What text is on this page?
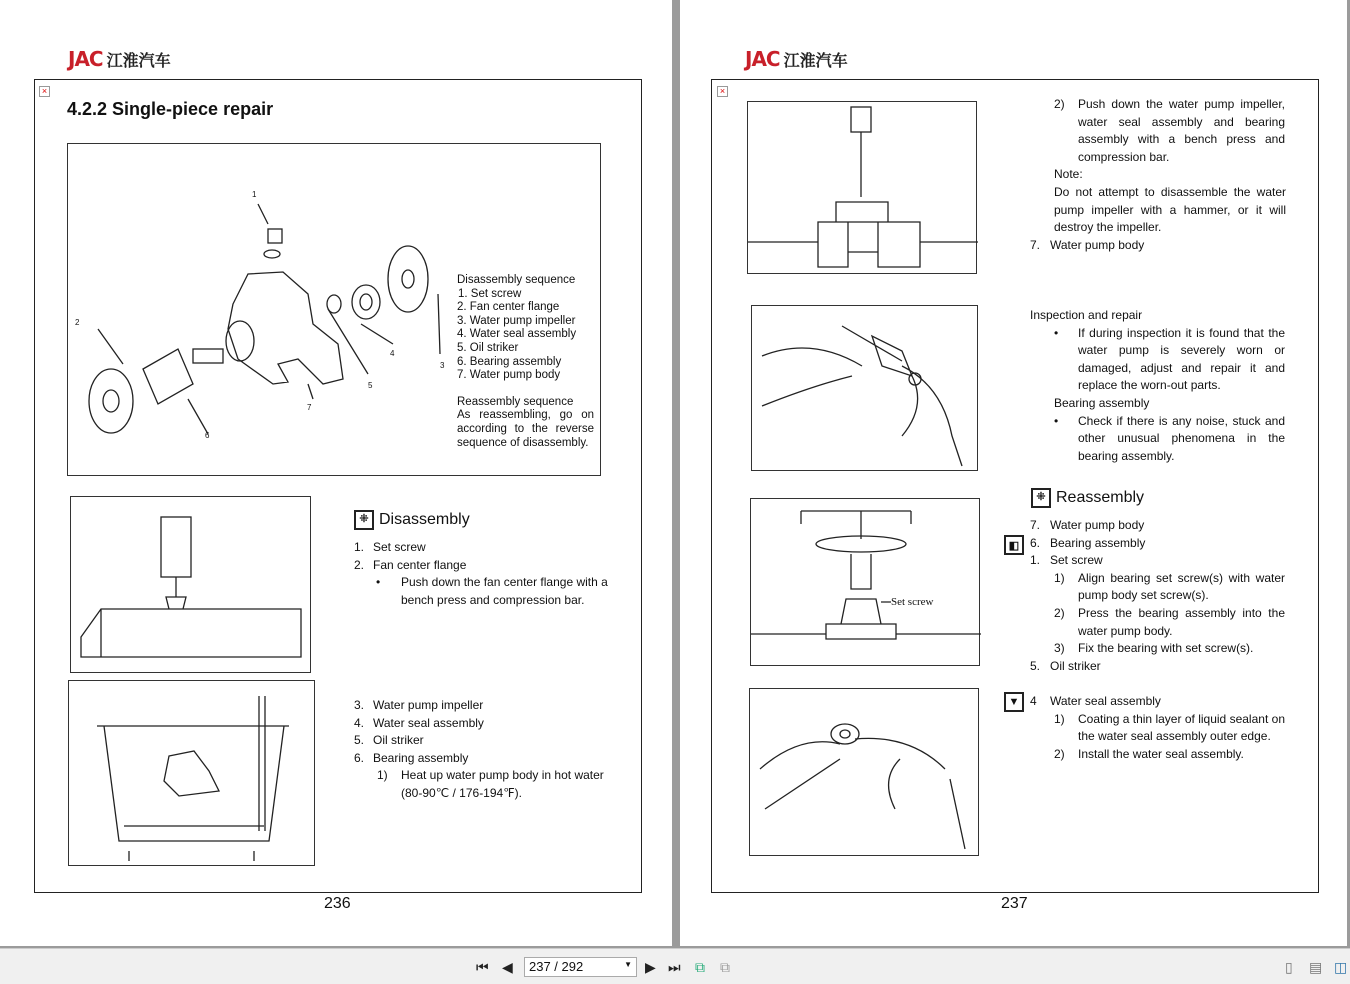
JAC 江淮汽车
×
4.2.2 Single-piece repair
1
2
3
4
5
6
7
Disassembly sequence
1. Set screw
2. Fan center flange
3. Water pump impeller
4. Water seal assembly
5. Oil striker
6. Bearing assembly
7. Water pump body
Reassembly sequence
As reassembling, go on according to the reverse sequence of disassembly.
⁜ Disassembly
1. Set screw
2. Fan center flange
•	Push down the fan center flange with a bench press and compression bar.
3. Water pump impeller
4. Water seal assembly
5. Oil striker
6. Bearing assembly
1)	Heat up water pump body in hot water (80-90℃ / 176-194℉).
236
JAC 江淮汽车
×
Set screw
2)	Push down the water pump impeller, water seal assembly and bearing assembly with a bench press and compression bar.
Note:
Do not attempt to disassemble the water pump impeller with a hammer, or it will destroy the impeller.
7. Water pump body
Inspection and repair
•	If during inspection it is found that the water pump is severely worn or damaged, adjust and repair it and replace the worn-out parts.
Bearing assembly
•	Check if there is any noise, stuck and other unusual phenomena in the bearing assembly.
⁜ Reassembly
◧
▼
7. Water pump body
6. Bearing assembly
1. Set screw
1)	Align bearing set screw(s) with water pump body set screw(s).
2)	Press the bearing assembly into the water pump body.
3)	Fix the bearing with set screw(s).
5. Oil striker
4 Water seal assembly
1)	Coating a thin layer of liquid sealant on the water seal assembly outer edge.
2)	Install the water seal assembly.
237
⏮ ◀	237 / 292	▼ ▶ ⏭ ⧉ ⧉	▯ ▤ ◫
